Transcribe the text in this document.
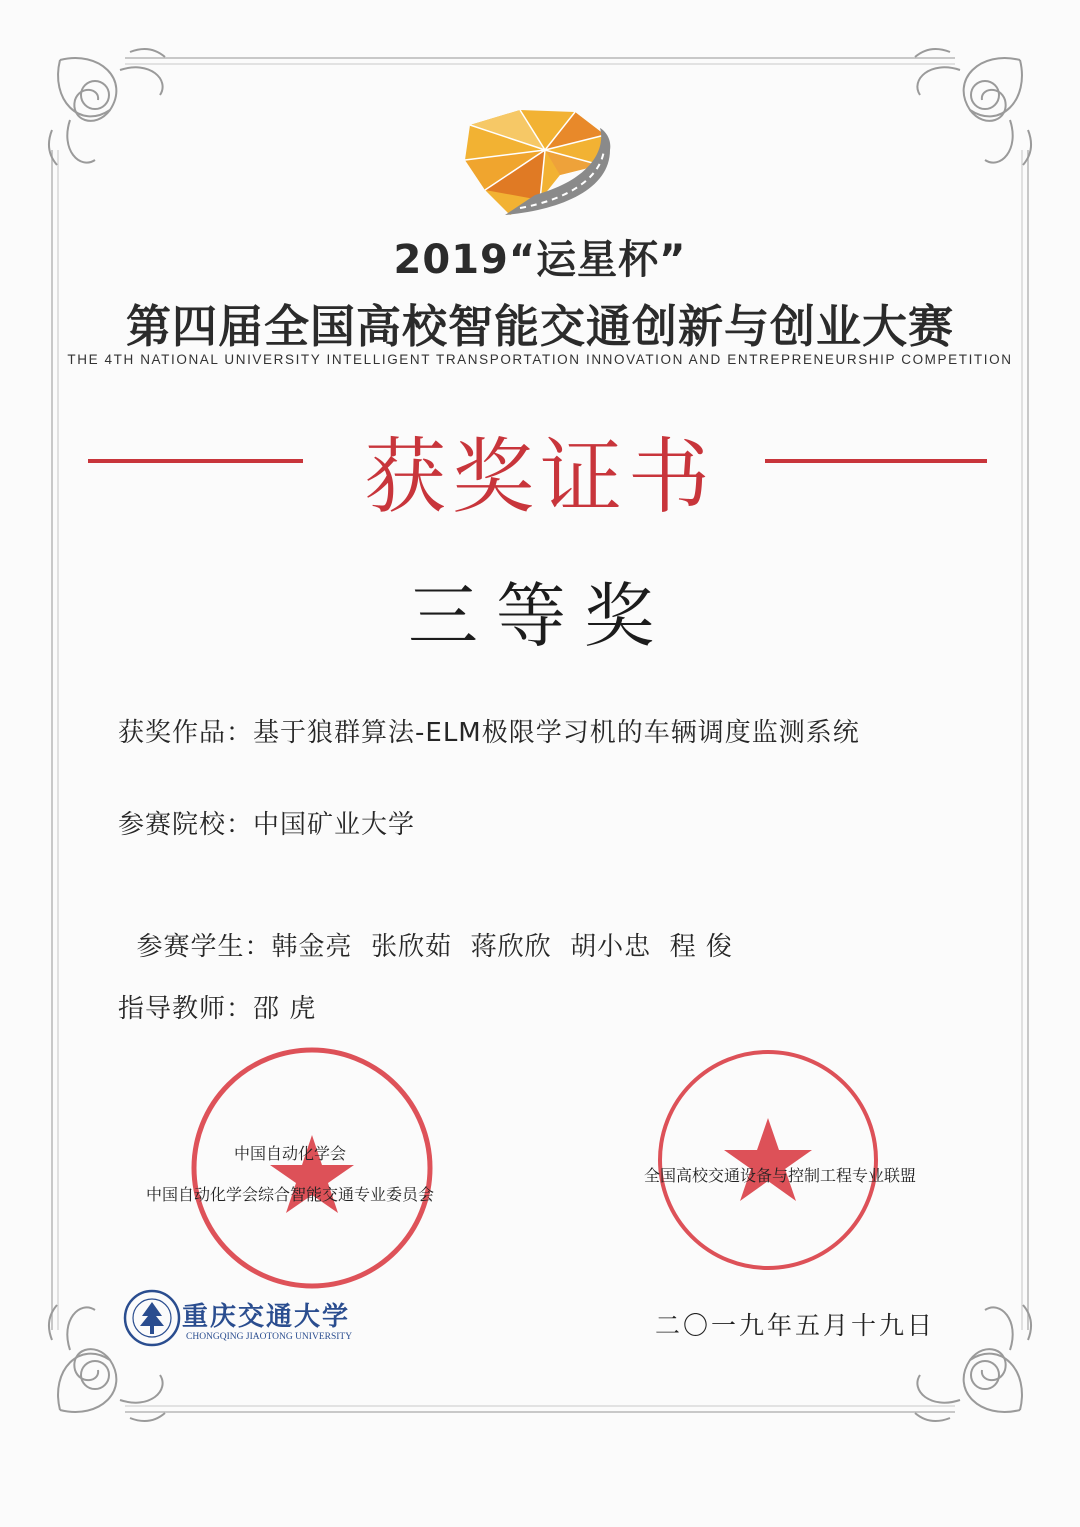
2019“运星杯”
第四届全国高校智能交通创新与创业大赛
THE 4TH NATIONAL UNIVERSITY INTELLIGENT TRANSPORTATION INNOVATION AND ENTREPRENEURSHIP COMPETITION
获奖证书
三等奖
获奖作品：基于狼群算法-ELM极限学习机的车辆调度监测系统
参赛院校：中国矿业大学

参赛学生：韩金亮  张欣茹  蒋欣欣  胡小忠  程 俊

指导教师：邵 虎
中国自动化学会
中国自动化学会综合智能交通专业委员会
全国高校交通设备与控制工程专业联盟
重庆交通大学
CHONGQING JIAOTONG UNIVERSITY	二〇一九年五月十九日
